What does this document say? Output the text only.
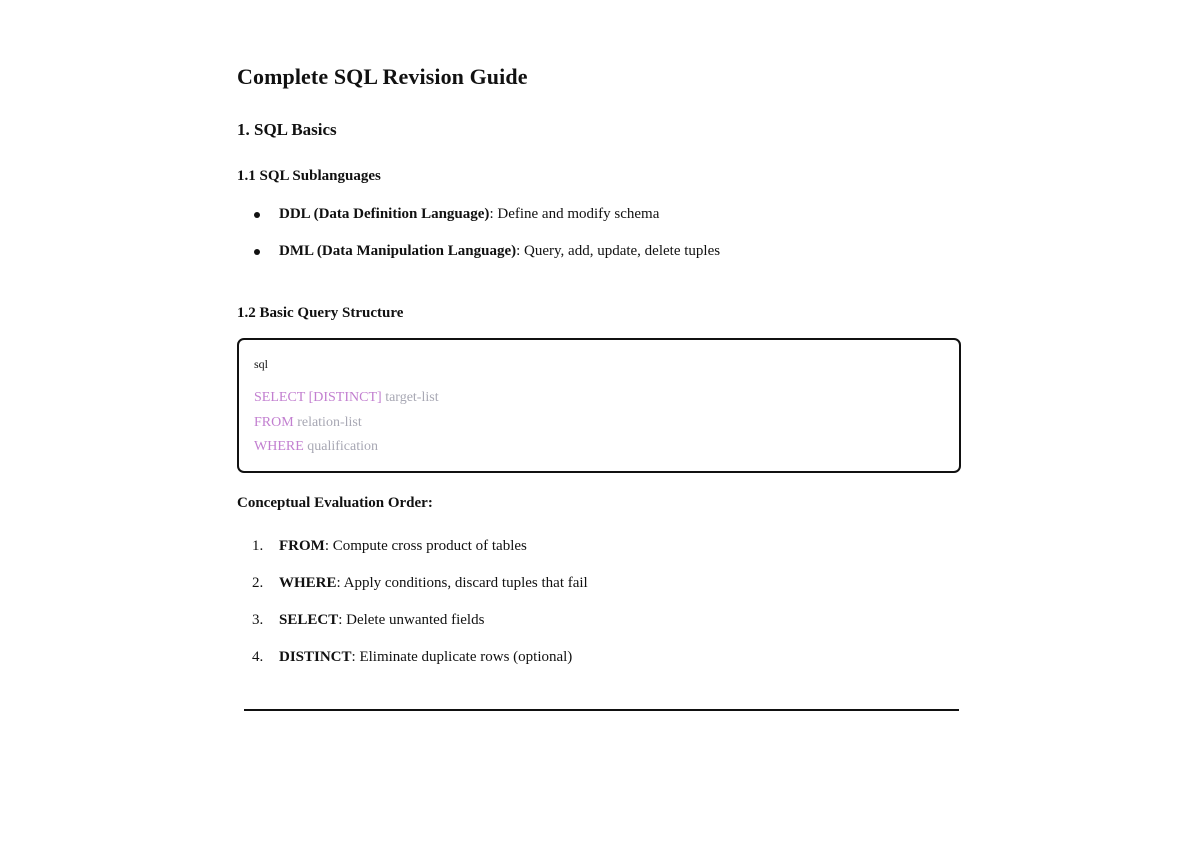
Complete SQL Revision Guide
1. SQL Basics
1.1 SQL Sublanguages
DDL (Data Definition Language): Define and modify schema
DML (Data Manipulation Language): Query, add, update, delete tuples
1.2 Basic Query Structure
sql
SELECT [DISTINCT] target-list
FROM relation-list
WHERE qualification
Conceptual Evaluation Order:
1. FROM: Compute cross product of tables
2. WHERE: Apply conditions, discard tuples that fail
3. SELECT: Delete unwanted fields
4. DISTINCT: Eliminate duplicate rows (optional)
